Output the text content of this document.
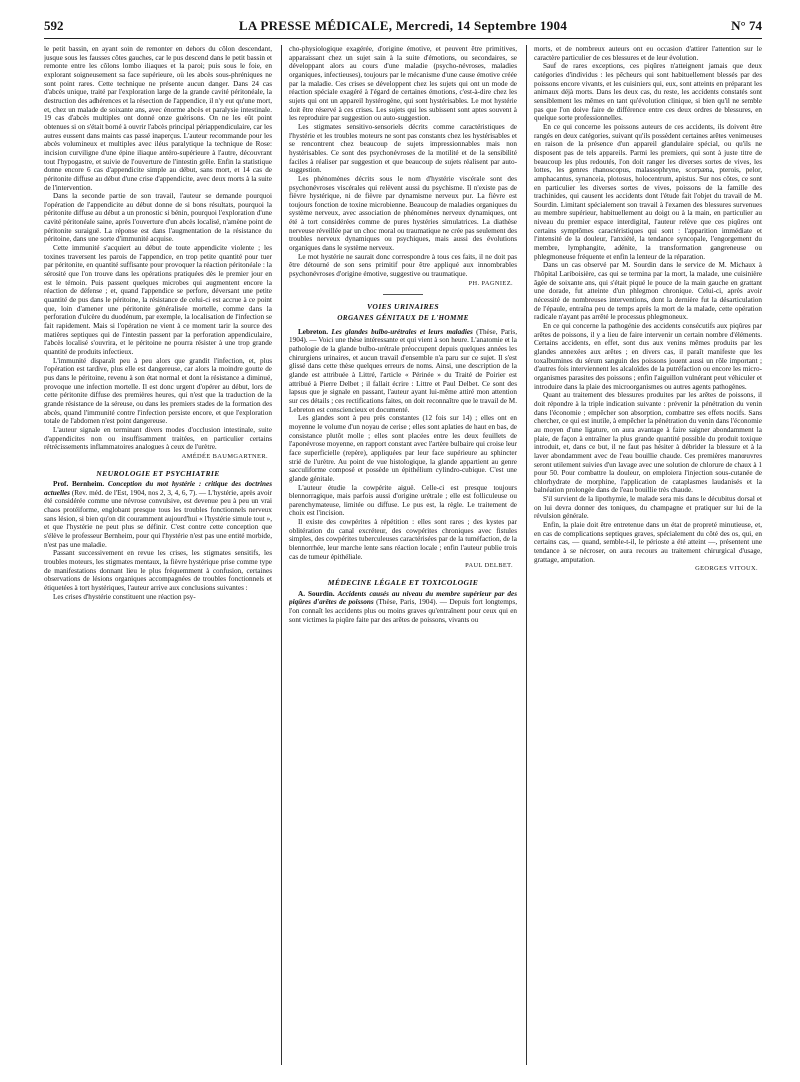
592	LA PRESSE MÉDICALE, Mercredi, 14 Septembre 1904	N° 74

le petit bassin, en ayant soin de remonter en dehors du côlon descendant, jusque sous les fausses côtes gauches, car le pus descend dans le petit bassin et remonte entre les côlons lombo iliaques et la paroi; puis sous le foie, en explorant soigneusement sa face supérieure, où les abcès sous-phréniques ne sont point rares. Cette technique ne présente aucun danger. Dans 24 cas d'abcès unique, traité par l'exploration large de la grande cavité péritonéale, la destruction des adhérences et la résection de l'appendice, il n'y eut qu'une mort, et, chez un malade de soixante ans, avec énorme abcès et paralysie intestinale. 19 cas d'abcès multiples ont donné onze guérisons. On ne les eût point obtenues si on s'était borné à ouvrir l'abcès principal périappendiculaire, car les autres eussent dans maints cas passé inaperçus. L'auteur recommande pour les abcès volumineux et multiples avec iléus paralytique la technique de Rose: incision curviligne d'une épine iliaque antéro-supérieure à l'autre, découvrant tout l'hypogastre, et suivie de l'ouverture de l'intestin grêle. Enfin la statistique donne encore 6 cas d'appendicite simple au début, sans mort, et 14 cas de péritonite diffuse au début d'une crise d'appendicite, avec deux morts à la suite de l'intervention.

Dans la seconde partie de son travail, l'auteur se demande pourquoi l'opération de l'appendicite au début donne de si bons résultats, pourquoi la péritonite diffuse au début a un pronostic si bénin, pourquoi l'exploration d'une cavité péritonéale saine, après l'ouverture d'un abcès localisé, n'amène point de péritonite suraiguë. La réponse est dans l'augmentation de la résistance du péritoine, dans une sorte d'immunité acquise.

Cette immunité s'acquiert au début de toute appendicite violente ; les toxines traversent les parois de l'appendice, en trop petite quantité pour tuer par péritonite, en quantité suffisante pour provoquer la réaction péritonéale : la sérosité que l'on trouve dans les opérations pratiquées dès le premier jour en est le témoin. Puis passent quelques microbes qui augmentent encore la réaction de défense ; et, quand l'appendice se perfore, déversant une petite quantité de pus dans le péritoine, la résistance de celui-ci est accrue à ce point que, loin d'amener une péritonite généralisée mortelle, comme dans la perforation d'ulcère du duodénum, par exemple, la localisation de l'infection se fait rapidement. Mais si l'opération ne vient à ce moment tarir la source des matières septiques qui de l'intestin passent par la perforation appendiculaire, l'abcès localisé s'ouvrira, et le péritoine ne pourra résister à une trop grande quantité de produits infectieux.

L'immunité disparaît peu à peu alors que grandit l'infection, et, plus l'opération est tardive, plus elle est dangereuse, car alors la moindre goutte de pus dans le péritoine, revenu à son état normal et dont la résistance a diminué, provoque une infection mortelle. Il est donc urgent d'opérer au début, lors de cette péritonite diffuse des premières heures, qui n'est que la traduction de la grande résistance de la séreuse, ou dans les premiers stades de la formation des abcès, quand l'immunité contre l'infection persiste encore, et que l'exploration totale de l'abdomen n'est point dangereuse.

L'auteur signale en terminant divers modes d'occlusion intestinale, suite d'appendicites non ou insuffisamment traitées, en particulier certains rétrécissements inflammatoires analogues à ceux de l'urètre.

AMÉDÉE BAUMGARTNER.
NEUROLOGIE ET PSYCHIATRIE

Prof. Bernheim. Conception du mot hystérie : critique des doctrines actuelles (Rev. méd. de l'Est, 1904, nos 2, 3, 4, 6, 7). — L'hystérie, après avoir été considérée comme une névrose convulsive, est devenue peu à peu un vrai chaos protéiforme, englobant presque tous les troubles fonctionnels nerveux sans lésion, si bien qu'on dit couramment aujourd'hui « l'hystérie simule tout », et que l'hystérie ne peut plus se définir. C'est contre cette conception que s'élève le professeur Bernheim, pour qui l'hystérie n'est pas une entité morbide, n'est pas une maladie.

Passant successivement en revue les crises, les stigmates sensitifs, les troubles moteurs, les stigmates mentaux, la fièvre hystérique prise comme type de manifestations donnant lieu le plus fréquemment à confusion, certaines observations de lésions organiques accompagnées de troubles fonctionnels et étiquetées à tort hystériques, l'auteur arrive aux conclusions suivantes :

Les crises d'hystérie constituent une réaction psy-

cho-physiologique exagérée, d'origine émotive, et peuvent être primitives, apparaissant chez un sujet sain à la suite d'émotions, ou secondaires, se développant alors au cours d'une maladie (psycho-névroses, maladies organiques, infectieuses), toujours par le mécanisme d'une cause émotive créée par la maladie. Ces crises se développent chez les sujets qui ont un mode de réaction spéciale exagéré à l'égard de certaines émotions, c'est-à-dire chez les sujets qui ont un appareil hystérogène, qui sont hystérisables. Le mot hystérie doit être réservé à ces crises. Les sujets qui les subissent sont aptes souvent à les reproduire par suggestion ou auto-suggestion.

Les stigmates sensitivo-sensoriels décrits comme caractéristiques de l'hystérie et les troubles moteurs ne sont pas constants chez les hystérisables et se rencontrent chez beaucoup de sujets impressionnables mais non hystérisables. Ce sont des psychonévroses de la motilité et de la sensibilité faciles à réaliser par suggestion et que beaucoup de sujets réalisent par auto-suggestion.

Les phénomènes décrits sous le nom d'hystérie viscérale sont des psychonévroses viscérales qui relèvent aussi du psychisme. Il n'existe pas de fièvre hystérique, ni de fièvre par dynamisme nerveux pur. La fièvre est toujours fonction de toxine microbienne. Beaucoup de maladies organiques du système nerveux, avec association de phénomènes nerveux dynamiques, ont été à tort considérées comme de pures hystéries simulatrices. La diathèse nerveuse réveillée par un choc moral ou traumatique ne crée pas seulement des troubles nerveux dynamiques ou psychiques, mais aussi des évolutions organiques dans le système nerveux.

Le mot hystérie ne saurait donc correspondre à tous ces faits, il ne doit pas être détourné de son sens primitif pour être appliqué aux innombrables psychonévroses d'origine émotive, suggestive ou traumatique.

PH. PAGNIEZ.
VOIES URINAIRES
ORGANES GÉNITAUX DE L'HOMME

Lebreton. Les glandes bulbo-urétrales et leurs maladies (Thèse, Paris, 1904). — Voici une thèse intéressante et qui vient à son heure. L'anatomie et la pathologie de la glande bulbo-urétrale préoccupent depuis quelques années les chirurgiens urinaires, et aucun travail d'ensemble n'a paru sur ce sujet. Il s'est glissé dans cette thèse quelques erreurs de noms. Ainsi, une description de la glande est attribuée à Littré, l'article « Périnée » du Traité de Poirier est attribué à Pierre Delbet ; il fallait écrire : Littre et Paul Delbet. Ce sont des lapsus que je signale en passant, l'auteur ayant lui-même attiré mon attention sur ces détails ; ces rectifications faites, on doit reconnaître que le travail de M. Lebreton est consciencieux et documenté.

Les glandes sont à peu près constantes (12 fois sur 14) ; elles ont en moyenne le volume d'un noyau de cerise ; elles sont aplaties de haut en bas, de consistance plutôt molle ; elles sont placées entre les deux feuillets de l'aponévrose moyenne, en rapport constant avec l'artère bulbaire qui croise leur face superficielle (repère), appliquées par leur face supérieure au sphincter strié de l'urètre. Au point de vue histologique, la glande appartient au genre sacculiforme composé et possède un épithélium cylindro-cubique. C'est une glande génitale.

L'auteur étudie la cowpérite aiguë. Celle-ci est presque toujours blennorragique, mais parfois aussi d'origine urétrale ; elle est folliculeuse ou parenchymateuse, limitée ou diffuse. Le pus est, la règle. Le traitement de choix est l'incision.

Il existe des cowpérites à répétition : elles sont rares ; des kystes par oblitération du canal excréteur, des cowpérites chroniques avec fistules simples, des cowpérites tuberculeuses caractérisées par de la tuméfaction, de la blennorrhée, leur marche lente sans réaction locale ; enfin l'auteur publie trois cas de tumeur épithéliale.

PAUL DELBET.
MÉDECINE LÉGALE ET TOXICOLOGIE

A. Sourdin. Accidents causés au niveau du membre supérieur par des piqûres d'arêtes de poissons (Thèse, Paris, 1904). — Depuis fort longtemps, l'on connaît les accidents plus ou moins graves qu'entraînent pour ceux qui en sont victimes la piqûre faite par des arêtes de poissons, vivants ou

morts, et de nombreux auteurs ont eu occasion d'attirer l'attention sur le caractère particulier de ces blessures et de leur évolution.

Sauf de rares exceptions, ces piqûres n'atteignent jamais que deux catégories d'individus : les pêcheurs qui sont habituellement blessés par des poissons encore vivants, et les cuisiniers qui, eux, sont atteints en préparant les animaux déjà morts. Dans les deux cas, du reste, les accidents constatés sont sensiblement les mêmes en tant qu'évolution clinique, si bien qu'il ne semble pas que l'on doive faire de différence entre ces deux ordres de blessures, en quelque sorte professionnelles.

En ce qui concerne les poissons auteurs de ces accidents, ils doivent être rangés en deux catégories, suivant qu'ils possèdent certaines arêtes venimeuses en raison de la présence d'un appareil glandulaire spécial, ou qu'ils ne disposent pas de tels appareils. Parmi les premiers, qui sont à juste titre de beaucoup les plus redoutés, l'on doit ranger les diverses sortes de vives, les lottes, les genres rhanoscopus, malassophryne, scorpæna, pterois, pelor, amphacantus, synanceia, plotosus, holocentrum, apistus. Sur nos côtes, ce sont en particulier les diverses sortes de vives, poissons de la famille des trachinides, qui causent les accidents dont l'étude fait l'objet du travail de M. Sourdin. Limitant spécialement son travail à l'examen des blessures survenues au membre supérieur, habituellement au doigt ou à la main, en particulier au niveau du premier espace interdigital, l'auteur relève que ces piqûres ont certains symptômes caractéristiques qui sont : l'apparition immédiate et l'intensité de la douleur, l'anxiété, la tendance syncopale, l'engorgement du membre, lymphangite, adénite, la transformation gangreneuse ou phlegmoneuse fréquente et enfin la lenteur de la réparation.

Dans un cas observé par M. Sourdin dans le service de M. Michaux à l'hôpital Lariboisière, cas qui se termina par la mort, la malade, une cuisinière âgée de soixante ans, qui s'était piqué le pouce de la main gauche en grattant une dorade, fut atteinte d'un phlegmon chronique. Celui-ci, après avoir nécessité de nombreuses interventions, dont la dernière fut la désarticulation de l'épaule, entraîna peu de temps après la mort de la malade, cette opération radicale n'ayant pas arrêté le processus phlegmoneux.

En ce qui concerne la pathogénie des accidents consécutifs aux piqûres par arêtes de poissons, il y a lieu de faire intervenir un certain nombre d'éléments. Certains accidents, en effet, sont dus aux venins mêmes produits par les glandes annexées aux arêtes ; en divers cas, il paraît manifeste que les toxalbumines du sérum sanguin des poissons jouent aussi un rôle important ; d'autres fois interviennent les alcaloïdes de la putréfaction ou encore les micro-organismes parasites des poissons ; enfin l'aiguillon vulnérant peut véhiculer et introduire dans la plaie des microorganismes ou autres agents pathogènes.

Quant au traitement des blessures produites par les arêtes de poissons, il doit répondre à la triple indication suivante : prévenir la pénétration du venin dans l'économie ; empêcher son absorption, combattre ses effets nocifs. Sans chercher, ce qui est inutile, à empêcher la pénétration du venin dans l'économie au moyen d'une ligature, on aura avantage à faire saigner abondamment la plaie, de façon à entraîner la plus grande quantité possible du produit toxique introduit, et, dans ce but, il ne faut pas hésiter à débrider la blessure et à la laver abondamment avec de l'eau bouillie chaude. Ces premières manœuvres seront utilement suivies d'un lavage avec une solution de chlorure de chaux à 1 pour 50. Pour combattre la douleur, on emploiera l'injection sous-cutanée de chlorhydrate de morphine, l'application de cataplasmes laudanisés et la balnéation prolongée dans de l'eau bouillie très chaude.

S'il survient de la lipothymie, le malade sera mis dans le décubitus dorsal et on lui devra donner des toniques, du champagne et pratiquer sur lui de la révulsion générale.

Enfin, la plaie doit être entretenue dans un état de propreté minutieuse, et, en cas de complications septiques graves, spécialement du côté des os, qui, en certains cas, — quand, semble-t-il, le périoste a été atteint —, présentent une tendance à se nécroser, on aura recours au traitement chirurgical d'usage, grattage, amputation.

GEORGES VITOUX.
